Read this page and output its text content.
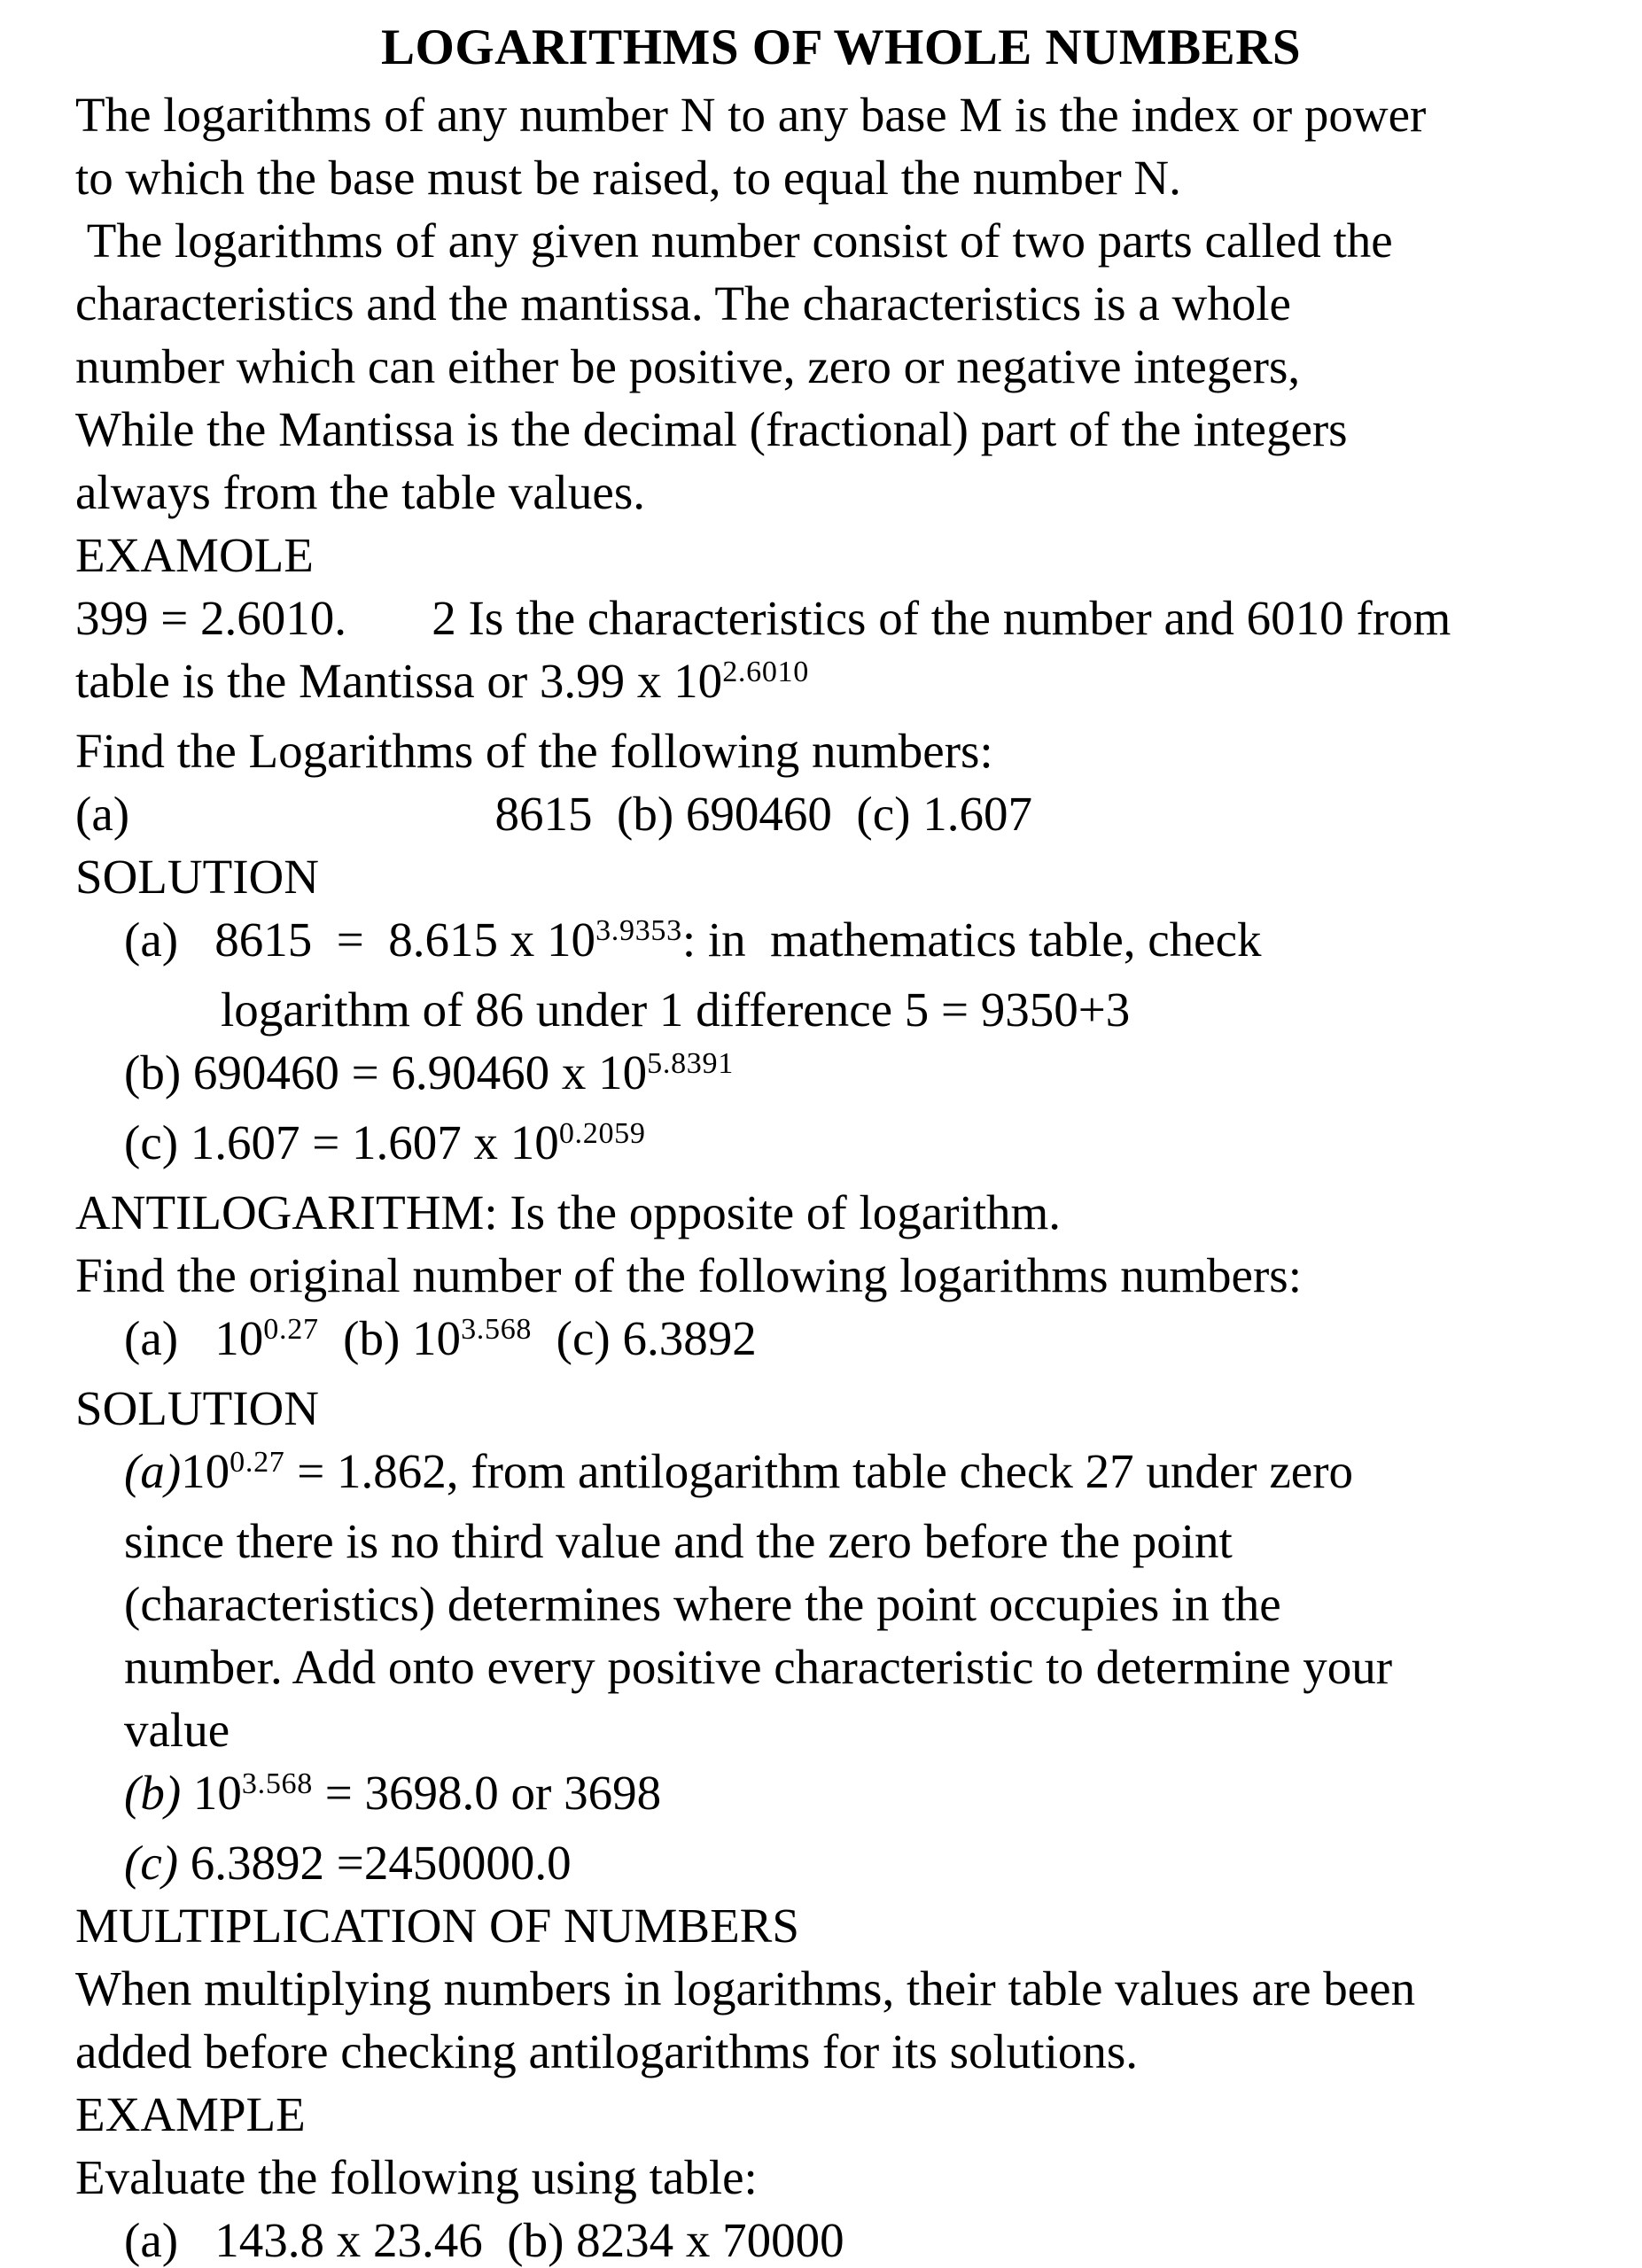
LOGARITHMS OF WHOLE NUMBERS
The logarithms of any number N to any base M is the index or power
to which the base must be raised, to equal the number N.
The logarithms of any given number consist of two parts called the
characteristics and the mantissa. The characteristics is a whole
number which can either be positive, zero or negative integers,
While the Mantissa is the decimal (fractional) part of the integers
always from the table values.
EXAMOLE
399 = 2.6010.       2 Is the characteristics of the number and 6010 from
table is the Mantissa or 3.99 x $10^{2.6010}$
Find the Logarithms of the following numbers:
(a)                              8615  (b) 690460  (c) 1.607
SOLUTION
(a)   8615  =  8.615 x $10^{3.9353}$: in  mathematics table, check
logarithm of 86 under 1 difference 5 = 9350+3
(b) 690460 = 6.90460 x $10^{5.8391}$
(c) 1.607 = 1.607 x $10^{0.2059}$
ANTILOGARITHM: Is the opposite of logarithm.
Find the original number of the following logarithms numbers:
(a)   $10^{0.27}$  (b) $10^{3.568}$  (c) 6.3892
SOLUTION
$(a)10^{0.27} = 1.862$, from antilogarithm table check 27 under zero
since there is no third value and the zero before the point
(characteristics) determines where the point occupies in the
number. Add onto every positive characteristic to determine your
value
(b) $10^{3.568} = 3698.0$ or 3698
(c) 6.3892 =2450000.0
MULTIPLICATION OF NUMBERS
When multiplying numbers in logarithms, their table values are been
added before checking antilogarithms for its solutions.
EXAMPLE
Evaluate the following using table:
(a)   143.8 x 23.46  (b) 8234 x 70000
